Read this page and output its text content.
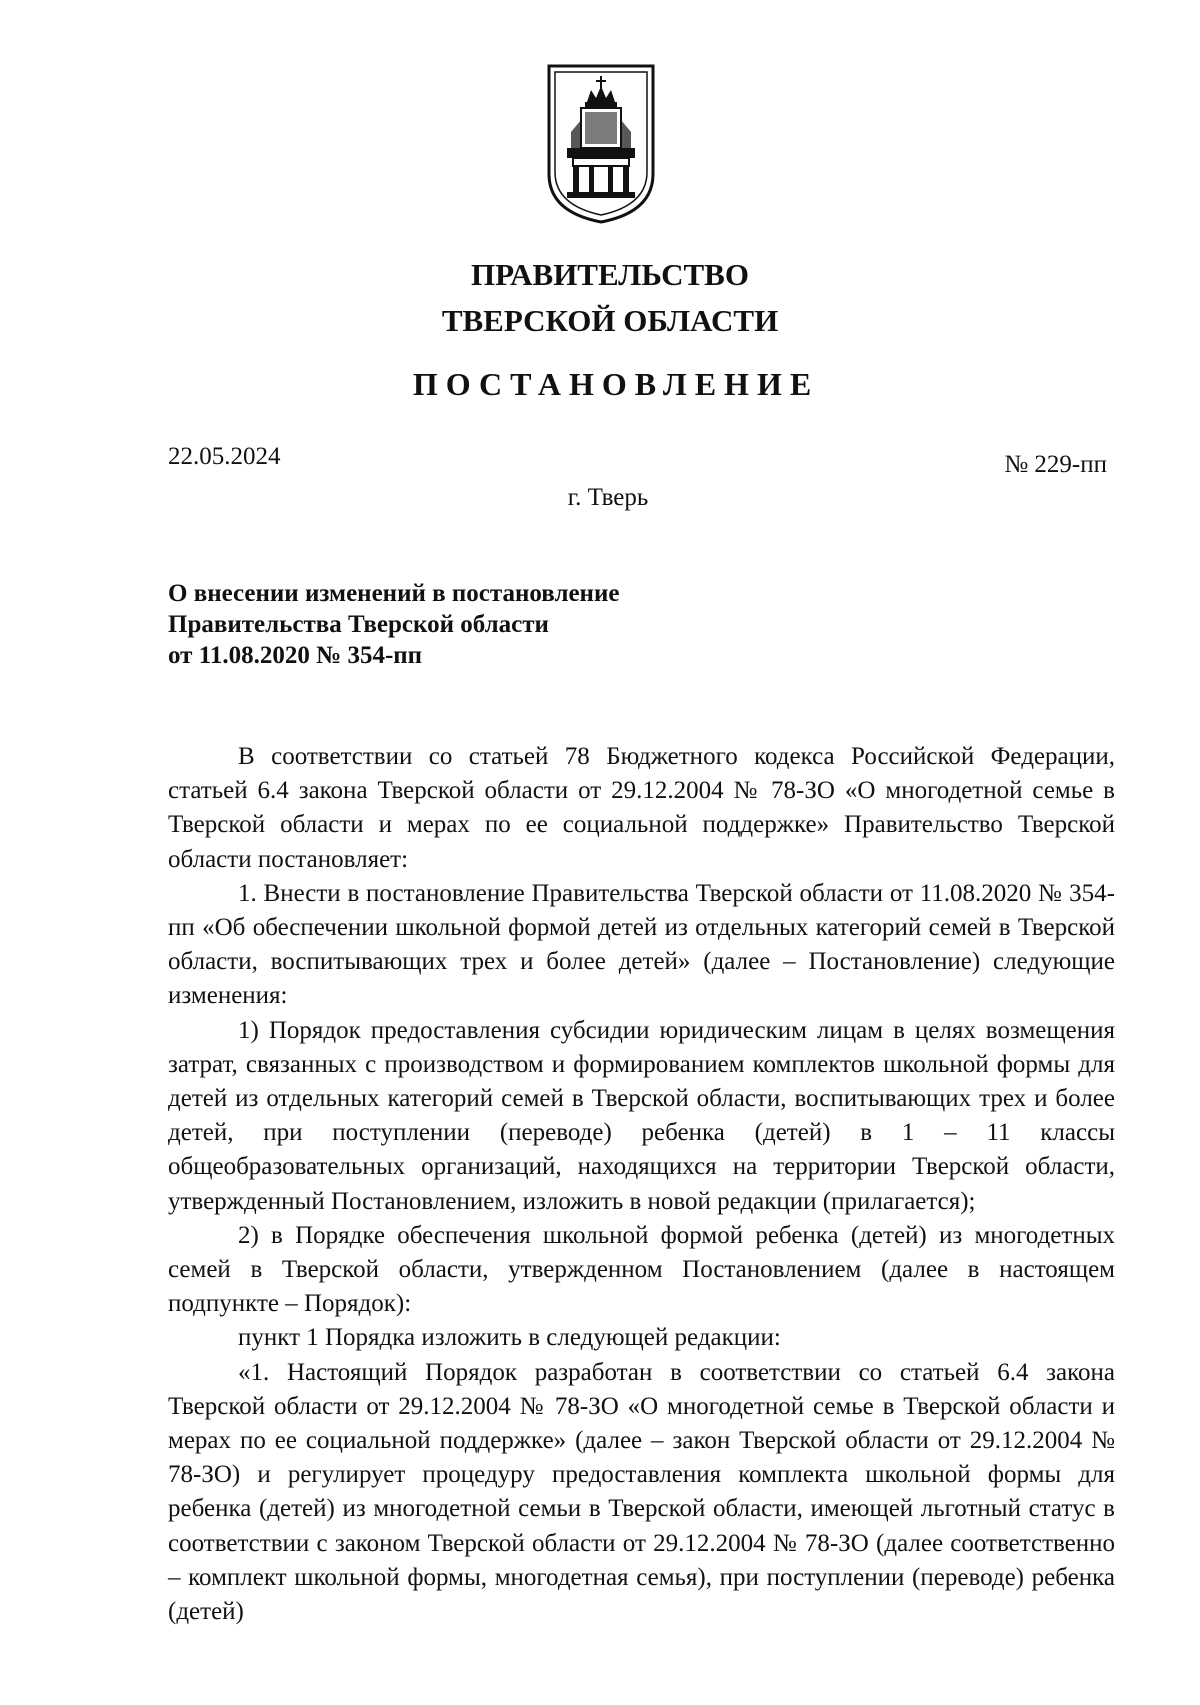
ПРАВИТЕЛЬСТВО
ТВЕРСКОЙ ОБЛАСТИ
ПОСТАНОВЛЕНИЕ
22.05.2024	№ 229-пп
г. Тверь
О внесении изменений в постановление
Правительства Тверской области
от 11.08.2020 № 354-пп

В соответствии со статьей 78 Бюджетного кодекса Российской Федерации, статьей 6.4 закона Тверской области от 29.12.2004 № 78-ЗО «О многодетной семье в Тверской области и мерах по ее социальной поддержке» Правительство Тверской области постановляет:

1. Внести в постановление Правительства Тверской области от 11.08.2020 № 354-пп «Об обеспечении школьной формой детей из отдельных категорий семей в Тверской области, воспитывающих трех и более детей» (далее – Постановление) следующие изменения:

1) Порядок предоставления субсидии юридическим лицам в целях возмещения затрат, связанных с производством и формированием комплектов школьной формы для детей из отдельных категорий семей в Тверской области, воспитывающих трех и более детей, при поступлении (переводе) ребенка (детей) в 1 – 11 классы общеобразовательных организаций, находящихся на территории Тверской области, утвержденный Постановлением, изложить в новой редакции (прилагается);

2) в Порядке обеспечения школьной формой ребенка (детей) из многодетных семей в Тверской области, утвержденном Постановлением (далее в настоящем подпункте – Порядок):

пункт 1 Порядка изложить в следующей редакции:

«1. Настоящий Порядок разработан в соответствии со статьей 6.4 закона Тверской области от 29.12.2004 № 78-ЗО «О многодетной семье в Тверской области и мерах по ее социальной поддержке» (далее – закон Тверской области от 29.12.2004 № 78-ЗО) и регулирует процедуру предоставления комплекта школьной формы для ребенка (детей) из многодетной семьи в Тверской области, имеющей льготный статус в соответствии с законом Тверской области от 29.12.2004 № 78-ЗО (далее соответственно – комплект школьной формы, многодетная семья), при поступлении (переводе) ребенка (детей)
